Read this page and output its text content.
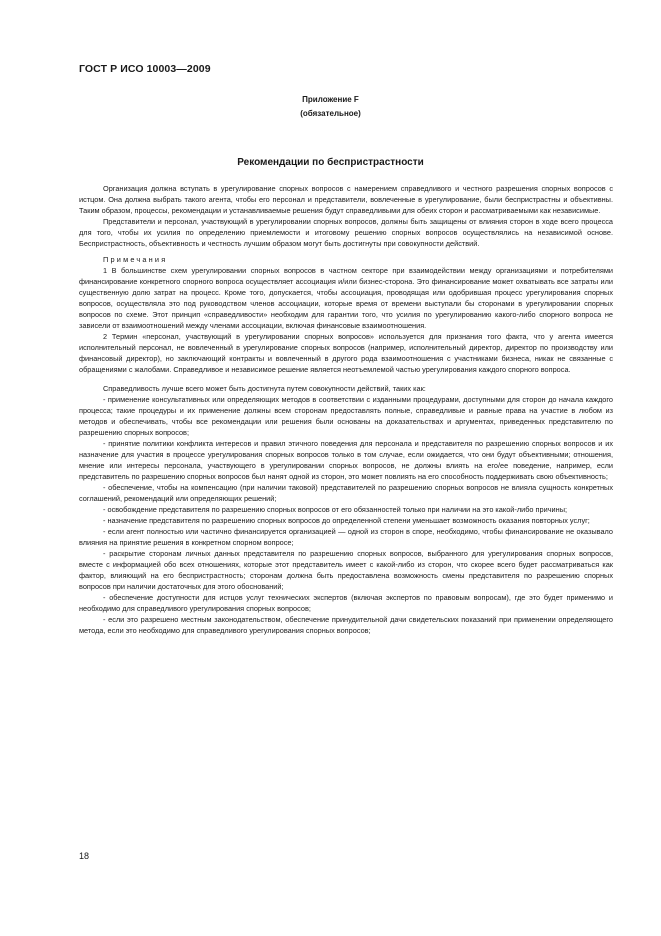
ГОСТ Р ИСО 10003—2009
Приложение F
(обязательное)
Рекомендации по беспристрастности

Организация должна вступать в урегулирование спорных вопросов с намерением справедливого и честного разрешения спорных вопросов с истцом. Она должна выбрать такого агента, чтобы его персонал и представители, вовлеченные в урегулирование, были беспристрастны и объективны. Таким образом, процессы, рекомендации и устанавливаемые решения будут справедливыми для обеих сторон и рассматриваемыми как независимые.

Представители и персонал, участвующий в урегулировании спорных вопросов, должны быть защищены от влияния сторон в ходе всего процесса для того, чтобы их усилия по определению приемлемости и итоговому решению спорных вопросов осуществлялись на независимой основе. Беспристрастность, объективность и честность лучшим образом могут быть достигнуты при совокупности действий.

Примечания

1 В большинстве схем урегулировании спорных вопросов в частном секторе при взаимодействии между организациями и потребителями финансирование конкретного спорного вопроса осуществляет ассоциация и/или бизнес-сторона. Это финансирование может охватывать все затраты или существенную долю затрат на процесс. Кроме того, допускается, чтобы ассоциация, проводящая или одобрившая процесс урегулирования спорных вопросов, осуществляла это под руководством членов ассоциации, которые время от времени выступали бы сторонами в урегулировании спорных вопросов по схеме. Этот принцип «справедливости» необходим для гарантии того, что усилия по урегулированию какого-либо спорного вопроса не зависели от взаимоотношений между членами ассоциации, включая финансовые взаимоотношения.

2 Термин «персонал, участвующий в урегулировании спорных вопросов» используется для признания того факта, что у агента имеется исполнительный персонал, не вовлеченный в урегулирование спорных вопросов (например, исполнительный директор, директор по производству или финансовый директор), но заключающий контракты и вовлеченный в другого рода взаимоотношения с участниками бизнеса, никак не связанные с обращениями с жалобами. Справедливое и независимое решение является неотъемлемой частью урегулирования каждого спорного вопроса.

Справедливость лучше всего может быть достигнута путем совокупности действий, таких как:

- применение консультативных или определяющих методов в соответствии с изданными процедурами, доступными для сторон до начала каждого процесса; такие процедуры и их применение должны всем сторонам предоставлять полные, справедливые и равные права на участие в любом из методов и обеспечивать, чтобы все рекомендации или решения были основаны на доказательствах и аргументах, приведенных представителю по разрешению спорных вопросов;

- принятие политики конфликта интересов и правил этичного поведения для персонала и представителя по разрешению спорных вопросов и их назначение для участия в процессе урегулирования спорных вопросов только в том случае, если ожидается, что они будут объективными; отношения, мнение или интересы персонала, участвующего в урегулировании спорных вопросов, не должны влиять на его/ее поведение, например, если представитель по разрешению спорных вопросов был нанят одной из сторон, это может повлиять на его способность поддерживать свою объективность;

- обеспечение, чтобы на компенсацию (при наличии таковой) представителей по разрешению спорных вопросов не влияла сущность конкретных соглашений, рекомендаций или определяющих решений;

- освобождение представителя по разрешению спорных вопросов от его обязанностей только при наличии на это какой-либо причины;

- назначение представителя по разрешению спорных вопросов до определенной степени уменьшает возможность оказания повторных услуг;

- если агент полностью или частично финансируется организацией — одной из сторон в споре, необходимо, чтобы финансирование не оказывало влияния на принятие решения в конкретном спорном вопросе;

- раскрытие сторонам личных данных представителя по разрешению спорных вопросов, выбранного для урегулирования спорных вопросов, вместе с информацией обо всех отношениях, которые этот представитель имеет с какой-либо из сторон, что скорее всего будет рассматриваться как фактор, влияющий на его беспристрастность; сторонам должна быть предоставлена возможность смены представителя по разрешению спорных вопросов при наличии достаточных для этого обоснований;

- обеспечение доступности для истцов услуг технических экспертов (включая экспертов по правовым вопросам), где это будет применимо и необходимо для справедливого урегулирования спорных вопросов;

- если это разрешено местным законодательством, обеспечение принудительной дачи свидетельских показаний при применении определяющего метода, если это необходимо для справедливого урегулирования спорных вопросов;

18
